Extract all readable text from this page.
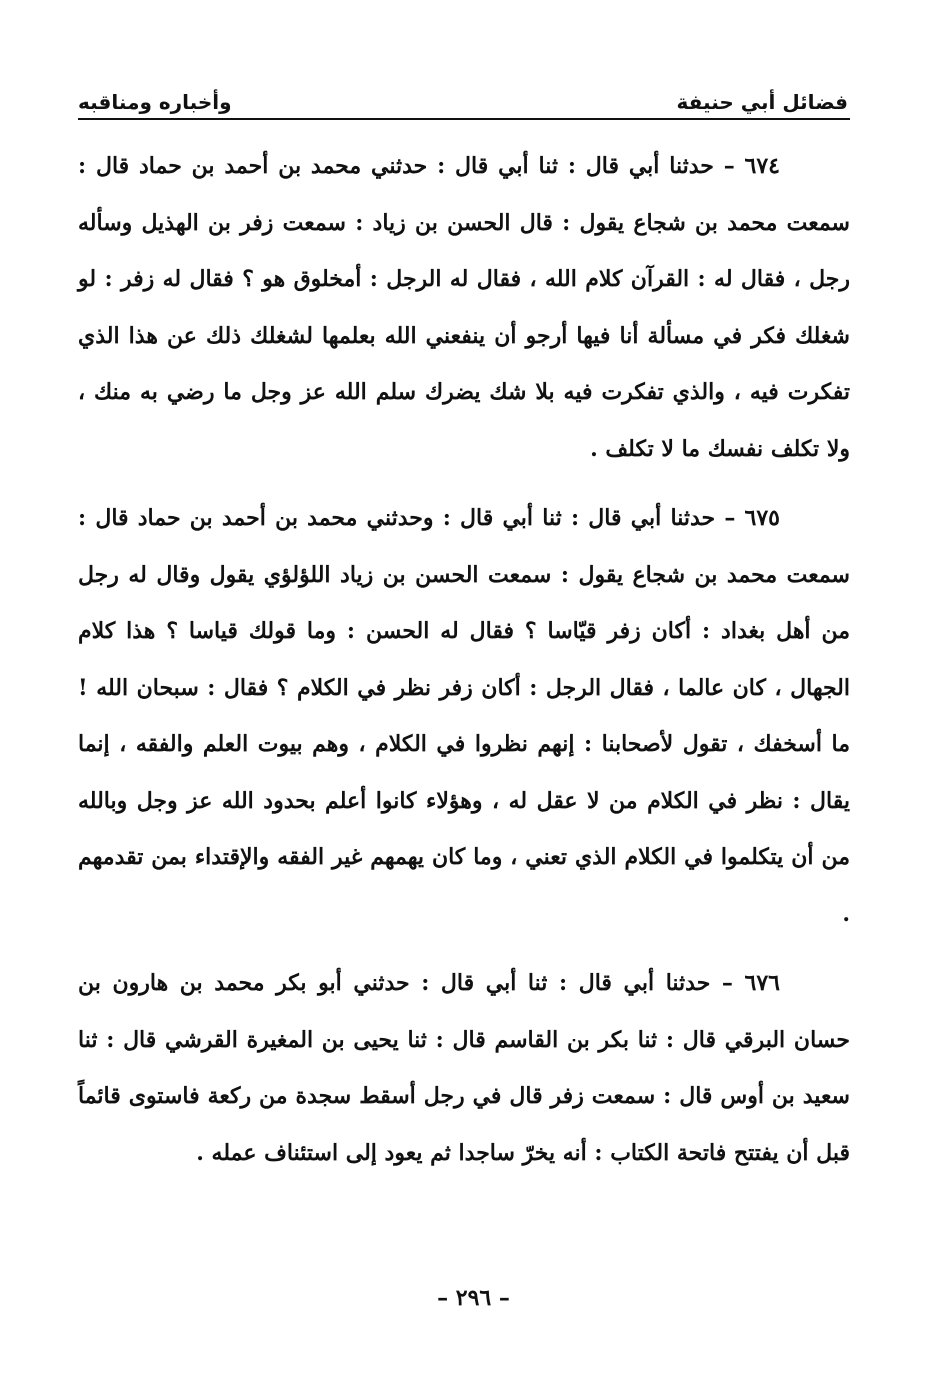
فضائل أبي حنيفة
وأخباره ومناقبه

٦٧٤ – حدثنا أبي قال : ثنا أبي قال : حدثني محمد بن أحمد بن حماد قال : سمعت محمد بن شجاع يقول : قال الحسن بن زياد : سمعت زفر بن الهذيل وسأله رجل ، فقال له : القرآن كلام الله ، فقال له الرجل : أمخلوق هو ؟ فقال له زفر : لو شغلك فكر في مسألة أنا فيها أرجو أن ينفعني الله بعلمها لشغلك ذلك عن هذا الذي تفكرت فيه ، والذي تفكرت فيه بلا شك يضرك سلم الله عز وجل ما رضي به منك ، ولا تكلف نفسك ما لا تكلف .

٦٧٥ – حدثنا أبي قال : ثنا أبي قال : وحدثني محمد بن أحمد بن حماد قال : سمعت محمد بن شجاع يقول : سمعت الحسن بن زياد اللؤلؤي يقول وقال له رجل من أهل بغداد : أكان زفر قيّاسا ؟ فقال له الحسن : وما قولك قياسا ؟ هذا كلام الجهال ، كان عالما ، فقال الرجل : أكان زفر نظر في الكلام ؟ فقال : سبحان الله ! ما أسخفك ، تقول لأصحابنا : إنهم نظروا في الكلام ، وهم بيوت العلم والفقه ، إنما يقال : نظر في الكلام من لا عقل له ، وهؤلاء كانوا أعلم بحدود الله عز وجل وبالله من أن يتكلموا في الكلام الذي تعني ، وما كان يهمهم غير الفقه والإقتداء بمن تقدمهم .

٦٧٦ – حدثنا أبي قال : ثنا أبي قال : حدثني أبو بكر محمد بن هارون بن حسان البرقي قال : ثنا بكر بن القاسم قال : ثنا يحيى بن المغيرة القرشي قال : ثنا سعيد بن أوس قال : سمعت زفر قال في رجل أسقط سجدة من ركعة فاستوى قائماً قبل أن يفتتح فاتحة الكتاب : أنه يخرّ ساجدا ثم يعود إلى استئناف عمله .

– ٢٩٦ –
